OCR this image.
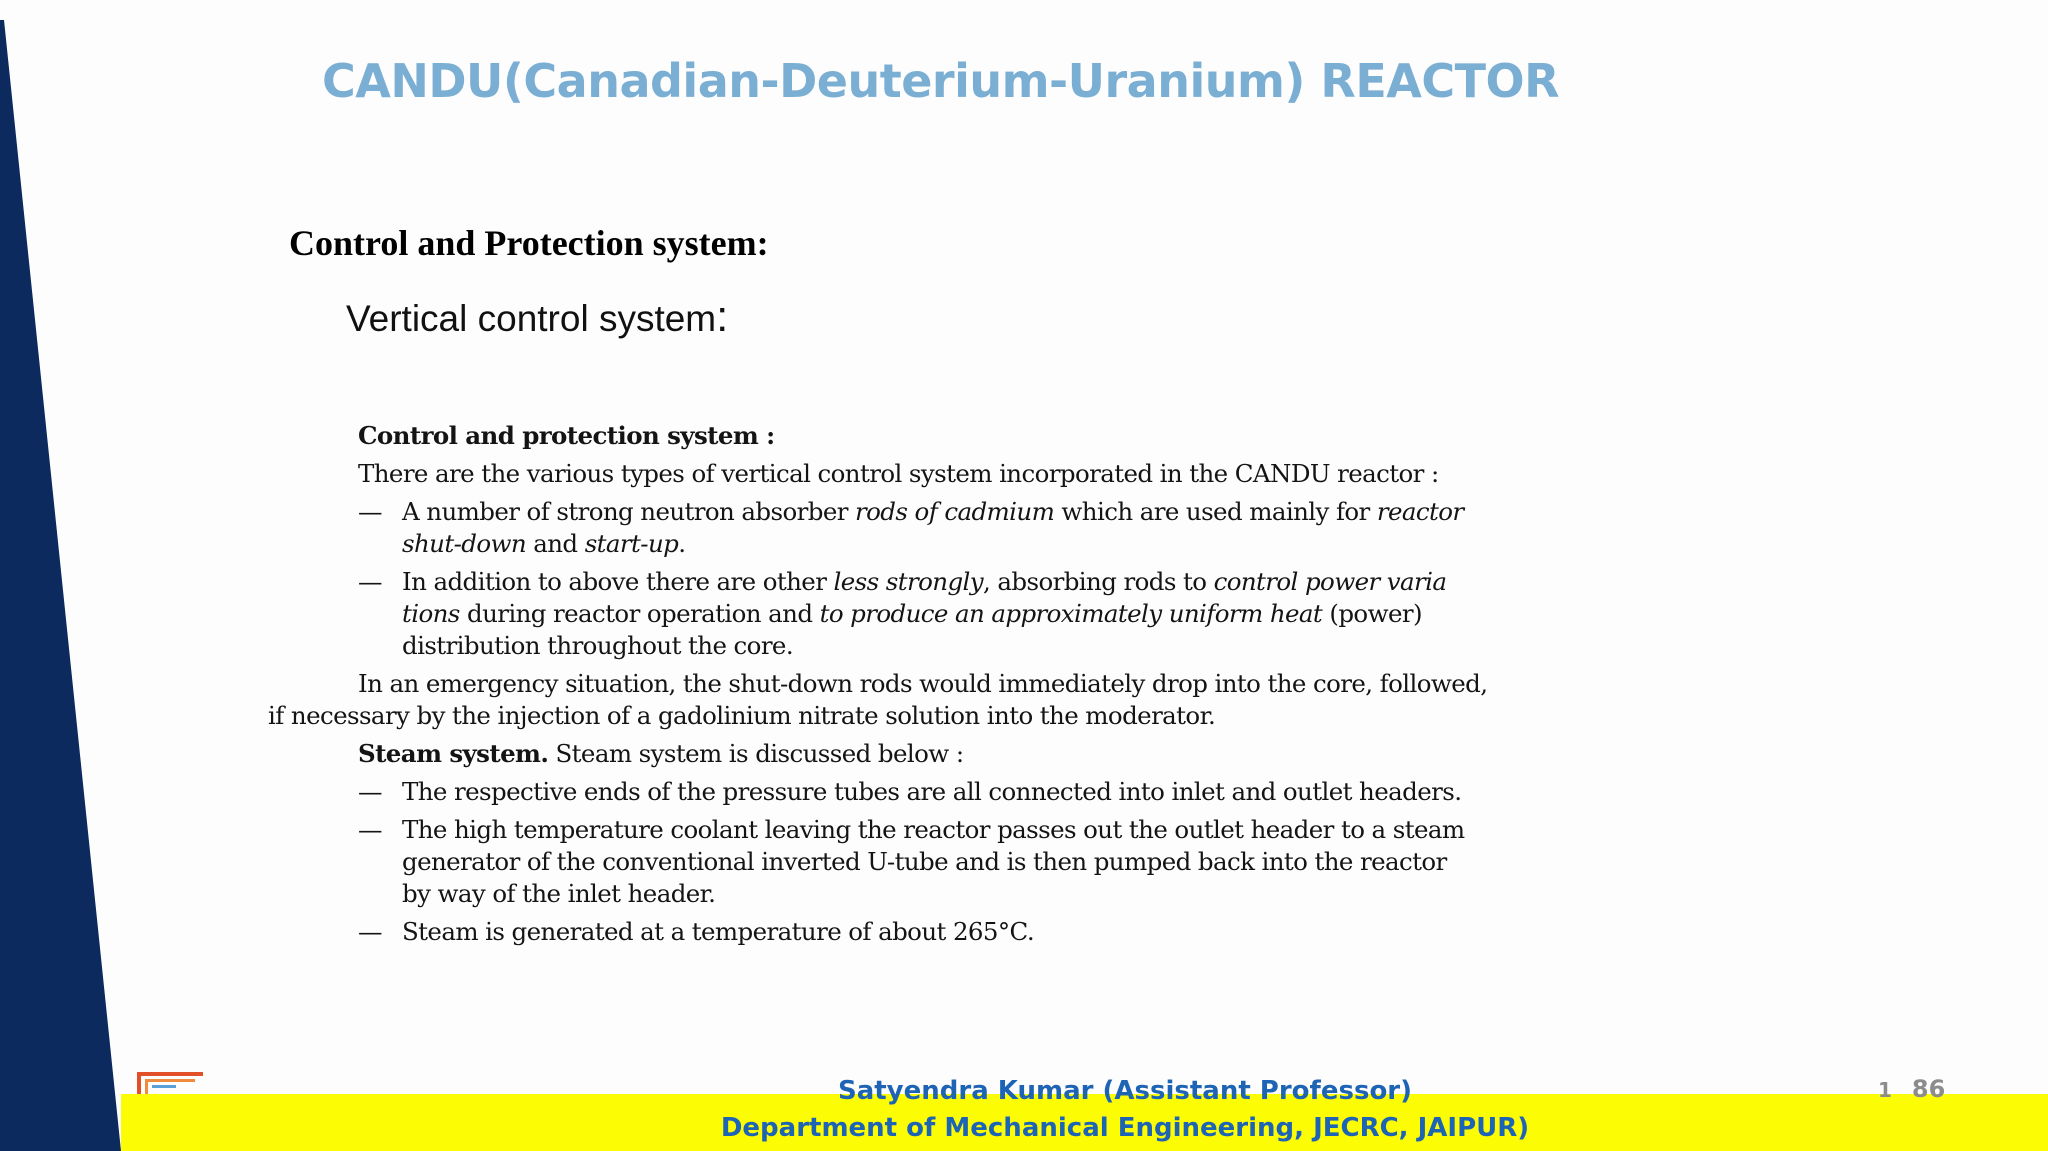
CANDU(Canadian-Deuterium-Uranium) REACTOR
Control and Protection system:
Vertical control system:
Control and protection system :
There are the various types of vertical control system incorporated in the CANDU reactor :
— A number of strong neutron absorber rods of cadmium which are used mainly for reactor
shut-down and start-up.
— In addition to above there are other less strongly, absorbing rods to control power varia
tions during reactor operation and to produce an approximately uniform heat (power)
distribution throughout the core.
In an emergency situation, the shut-down rods would immediately drop into the core, followed,
if necessary by the injection of a gadolinium nitrate solution into the moderator.
Steam system. Steam system is discussed below :
— The respective ends of the pressure tubes are all connected into inlet and outlet headers.
— The high temperature coolant leaving the reactor passes out the outlet header to a steam
generator of the conventional inverted U-tube and is then pumped back into the reactor
by way of the inlet header.
— Steam is generated at a temperature of about 265°C.
Satyendra Kumar (Assistant Professor)
Department of Mechanical Engineering, JECRC, JAIPUR)
1 86
